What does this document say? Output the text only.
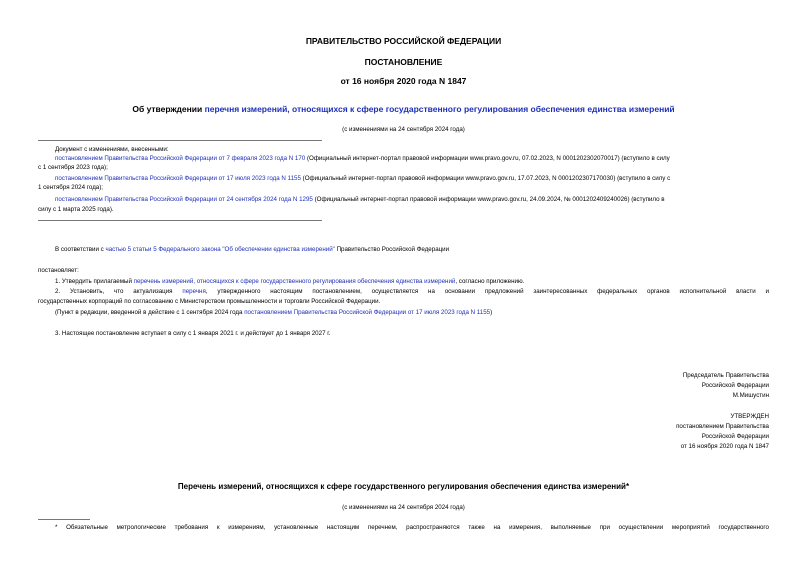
ПРАВИТЕЛЬСТВО РОССИЙСКОЙ ФЕДЕРАЦИИ
ПОСТАНОВЛЕНИЕ
от 16 ноября 2020 года N 1847
Об утверждении перечня измерений, относящихся к сфере государственного регулирования обеспечения единства измерений
(с изменениями на 24 сентября 2024 года)
Документ с изменениями, внесенными:
постановлением Правительства Российской Федерации от 7 февраля 2023 года N 170 (Официальный интернет-портал правовой информации www.pravo.gov.ru, 07.02.2023, N 0001202302070017) (вступило в силу
с 1 сентября 2023 года);
постановлением Правительства Российской Федерации от 17 июля 2023 года N 1155 (Официальный интернет-портал правовой информации www.pravo.gov.ru, 17.07.2023, N 0001202307170030) (вступило в силу с
1 сентября 2024 года);
постановлением Правительства Российской Федерации от 24 сентября 2024 года N 1295 (Официальный интернет-портал правовой информации www.pravo.gov.ru, 24.09.2024, № 0001202409240026) (вступило в
силу с 1 марта 2025 года).
В соответствии с частью 5 статьи 5 Федерального закона "Об обеспечении единства измерений" Правительство Российской Федерации
постановляет:
1. Утвердить прилагаемый перечень измерений, относящихся к сфере государственного регулирования обеспечения единства измерений, согласно приложению.
2. Установить, что актуализация перечня, утвержденного настоящим постановлением, осуществляется на основании предложений заинтересованных федеральных органов исполнительной власти и
государственных корпораций по согласованию с Министерством промышленности и торговли Российской Федерации.
(Пункт в редакции, введенной в действие с 1 сентября 2024 года постановлением Правительства Российской Федерации от 17 июля 2023 года N 1155)
3. Настоящее постановление вступает в силу с 1 января 2021 г. и действует до 1 января 2027 г.
Председатель Правительства
Российской Федерации
М.Мишустин
УТВЕРЖДЕН
постановлением Правительства
Российской Федерации
от 16 ноября 2020 года N 1847
Перечень измерений, относящихся к сфере государственного регулирования обеспечения единства измерений*
(с изменениями на 24 сентября 2024 года)
* Обязательные метрологические требования к измерениям, установленные настоящим перечнем, распространяются также на измерения, выполняемые при осуществлении мероприятий государственного
